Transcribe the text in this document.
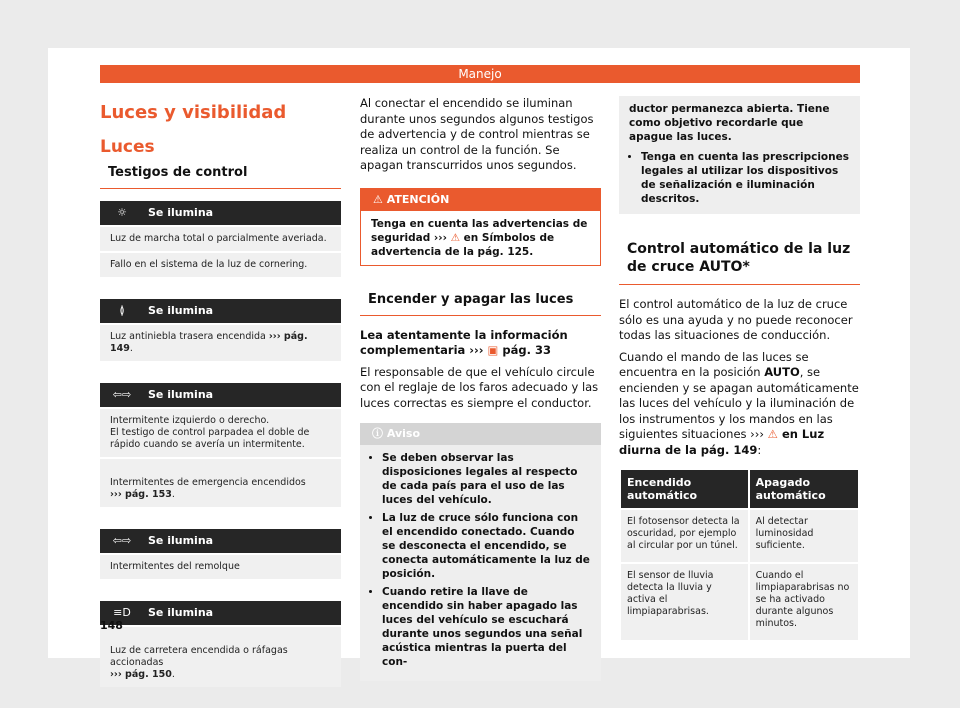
Manejo
Luces y visibilidad
Luces
Testigos de control
☼	Se ilumina
Luz de marcha total o parcialmente averiada.
Fallo en el sistema de la luz de cornering.
≬	Se ilumina
Luz antiniebla trasera encendida ››› pág. 149.
⇦⇨ Se ilumina
Intermitente izquierdo o derecho.
El testigo de control parpadea el doble de rápido cuando se avería un intermitente.

Intermitentes de emergencia encendidos
››› pág. 153.

⇦⇨ Se ilumina
Intermitentes del remolque
≡D Se ilumina

Luz de carretera encendida o ráfagas accionadas
››› pág. 150.

Al conectar el encendido se iluminan durante unos segundos algunos testigos de advertencia y de control mientras se realiza un control de la función. Se apagan transcurridos unos segundos.

⚠ ATENCIÓN
Tenga en cuenta las advertencias de seguridad ››› ⚠ en Símbolos de advertencia de la pág. 125.
Encender y apagar las luces

Lea atentamente la información complementaria ››› ▣ pág. 33

El responsable de que el vehículo circule con el reglaje de los faros adecuado y las luces correctas es siempre el conductor.

ⓘ Aviso
• Se deben observar las disposiciones legales al respecto de cada país para el uso de las luces del vehículo.
• La luz de cruce sólo funciona con el encendido conectado. Cuando se desconecta el encendido, se conecta automáticamente la luz de posición.
• Cuando retire la llave de encendido sin haber apagado las luces del vehículo se escuchará durante unos segundos una señal acústica mientras la puerta del con-
ductor permanezca abierta. Tiene como objetivo recordarle que apague las luces.
• Tenga en cuenta las prescripciones legales al utilizar los dispositivos de señalización e iluminación descritos.
Control automático de la luz de cruce AUTO*

El control automático de la luz de cruce sólo es una ayuda y no puede reconocer todas las situaciones de conducción.

Cuando el mando de las luces se encuentra en la posición AUTO, se encienden y se apagan automáticamente las luces del vehículo y la iluminación de los instrumentos y los mandos en las siguientes situaciones ››› ⚠ en Luz diurna de la pág. 149:

Encendido automático	Apagado automático
El fotosensor detecta la oscuridad, por ejemplo al circular por un túnel.	Al detectar luminosidad suficiente.
El sensor de lluvia detecta la lluvia y activa el limpiaparabrisas.	Cuando el limpiaparabrisas no se ha activado durante algunos minutos.
148
